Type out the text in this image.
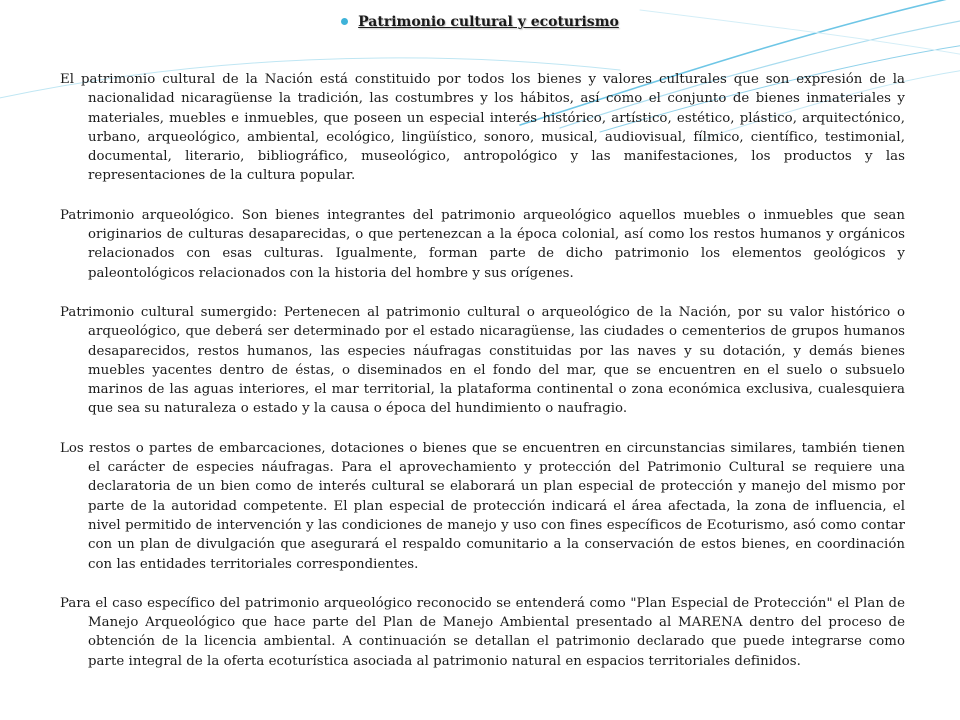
Patrimonio cultural y ecoturismo

El patrimonio cultural de la Nación está constituido por todos los bienes y valores culturales que son expresión de la nacionalidad nicaragüense la tradición, las costumbres y los hábitos, así como el conjunto de bienes inmateriales y materiales, muebles e inmuebles, que poseen un especial interés histórico, artístico, estético, plástico, arquitectónico, urbano, arqueológico, ambiental, ecológico, lingüístico, sonoro, musical, audiovisual, fílmico, científico, testimonial, documental, literario, bibliográfico, museológico, antropológico y las manifestaciones, los productos y las representaciones de la cultura popular.

Patrimonio arqueológico. Son bienes integrantes del patrimonio arqueológico aquellos muebles o inmuebles que sean originarios de culturas desaparecidas, o que pertenezcan a la época colonial, así como los restos humanos y orgánicos relacionados con esas culturas. Igualmente, forman parte de dicho patrimonio los elementos geológicos y paleontológicos relacionados con la historia del hombre y sus orígenes.

Patrimonio cultural sumergido: Pertenecen al patrimonio cultural o arqueológico de la Nación, por su valor histórico o arqueológico, que deberá ser determinado por el estado nicaragüense, las ciudades o cementerios de grupos humanos desaparecidos, restos humanos, las especies náufragas constituidas por las naves y su dotación, y demás bienes muebles yacentes dentro de éstas, o diseminados en el fondo del mar, que se encuentren en el suelo o subsuelo marinos de las aguas interiores, el mar territorial, la plataforma continental o zona económica exclusiva, cualesquiera que sea su naturaleza o estado y la causa o época del hundimiento o naufragio.

Los restos o partes de embarcaciones, dotaciones o bienes que se encuentren en circunstancias similares, también tienen el carácter de especies náufragas. Para el aprovechamiento y protección del Patrimonio Cultural se requiere una declaratoria de un bien como de interés cultural se elaborará un plan especial de protección y manejo del mismo por parte de la autoridad competente. El plan especial de protección indicará el área afectada, la zona de influencia, el nivel permitido de intervención y las condiciones de manejo y uso con fines específicos de Ecoturismo, asó como contar con un plan de divulgación que asegurará el respaldo comunitario a la conservación de estos bienes, en coordinación con las entidades territoriales correspondientes.

Para el caso específico del patrimonio arqueológico reconocido se entenderá como "Plan Especial de Protección" el Plan de Manejo Arqueológico que hace parte del Plan de Manejo Ambiental presentado al MARENA dentro del proceso de obtención de la licencia ambiental. A continuación se detallan el patrimonio declarado que puede integrarse como parte integral de la oferta ecoturística asociada al patrimonio natural en espacios territoriales definidos.
